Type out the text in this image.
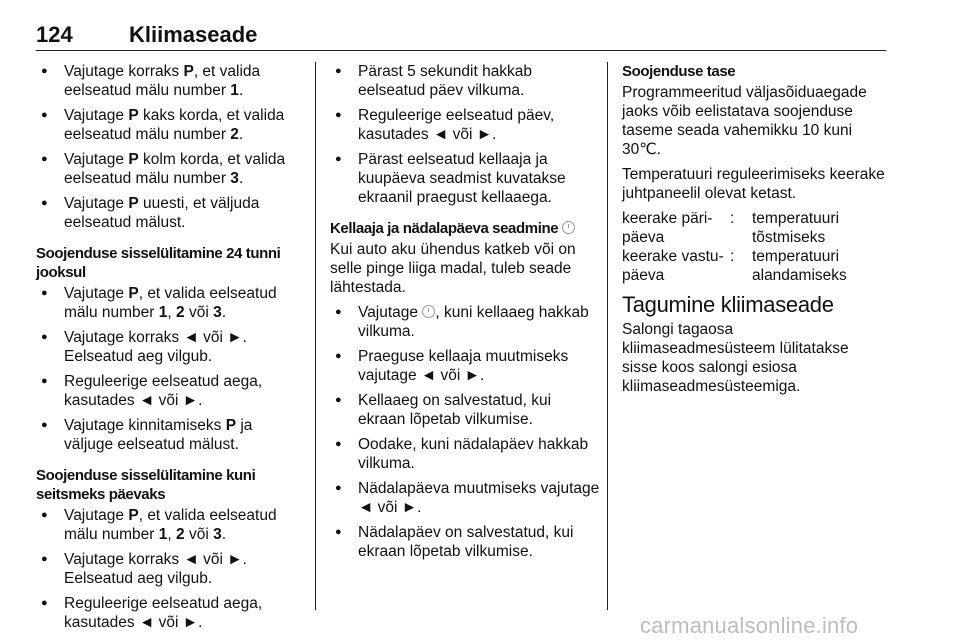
124	Kliimaseade
● Vajutage korraks P, et valida eelseatud mälu number 1.
● Vajutage P kaks korda, et valida eelseatud mälu number 2.
● Vajutage P kolm korda, et valida eelseatud mälu number 3.
● Vajutage P uuesti, et väljuda eelseatud mälust.
Soojenduse sisselülitamine 24 tunni jooksul
● Vajutage P, et valida eelseatud mälu number 1, 2 või 3.
● Vajutage korraks ◄ või ►. Eelseatud aeg vilgub.
● Reguleerige eelseatud aega, kasutades ◄ või ►.
● Vajutage kinnitamiseks P ja väljuge eelseatud mälust.
Soojenduse sisselülitamine kuni seitsmeks päevaks
● Vajutage P, et valida eelseatud mälu number 1, 2 või 3.
● Vajutage korraks ◄ või ►. Eelseatud aeg vilgub.
● Reguleerige eelseatud aega, kasutades ◄ või ►.
● Pärast 5 sekundit hakkab eelseatud päev vilkuma.
● Reguleerige eelseatud päev, kasutades ◄ või ►.
● Pärast eelseatud kellaaja ja kuupäeva seadmist kuvatakse ekraanil praegust kellaaega.
Kellaaja ja nädalapäeva seadmine

Kui auto aku ühendus katkeb või on selle pinge liiga madal, tuleb seade lähtestada.

● Vajutage , kuni kellaaeg hakkab vilkuma.
● Praeguse kellaaja muutmiseks vajutage ◄ või ►.
● Kellaaeg on salvestatud, kui ekraan lõpetab vilkumise.
● Oodake, kuni nädalapäev hakkab vilkuma.
● Nädalapäeva muutmiseks vajutage ◄ või ►.
● Nädalapäev on salvestatud, kui ekraan lõpetab vilkumise.
Soojenduse tase

Programmeeritud väljasõiduaegade jaoks võib eelistatava soojenduse taseme seada vahemikku 10 kuni 30℃.

Temperatuuri reguleerimiseks keerake juhtpaneelil olevat ketast.

keerake päri- päeva
:	temperatuuri tõstmiseks
keerake vastu- päeva
:	temperatuuri alandamiseks
Tagumine kliimaseade

Salongi tagaosa kliimaseadmesüsteem lülitatakse sisse koos salongi esiosa kliimaseadmesüsteemiga.

carmanualsonline.info
